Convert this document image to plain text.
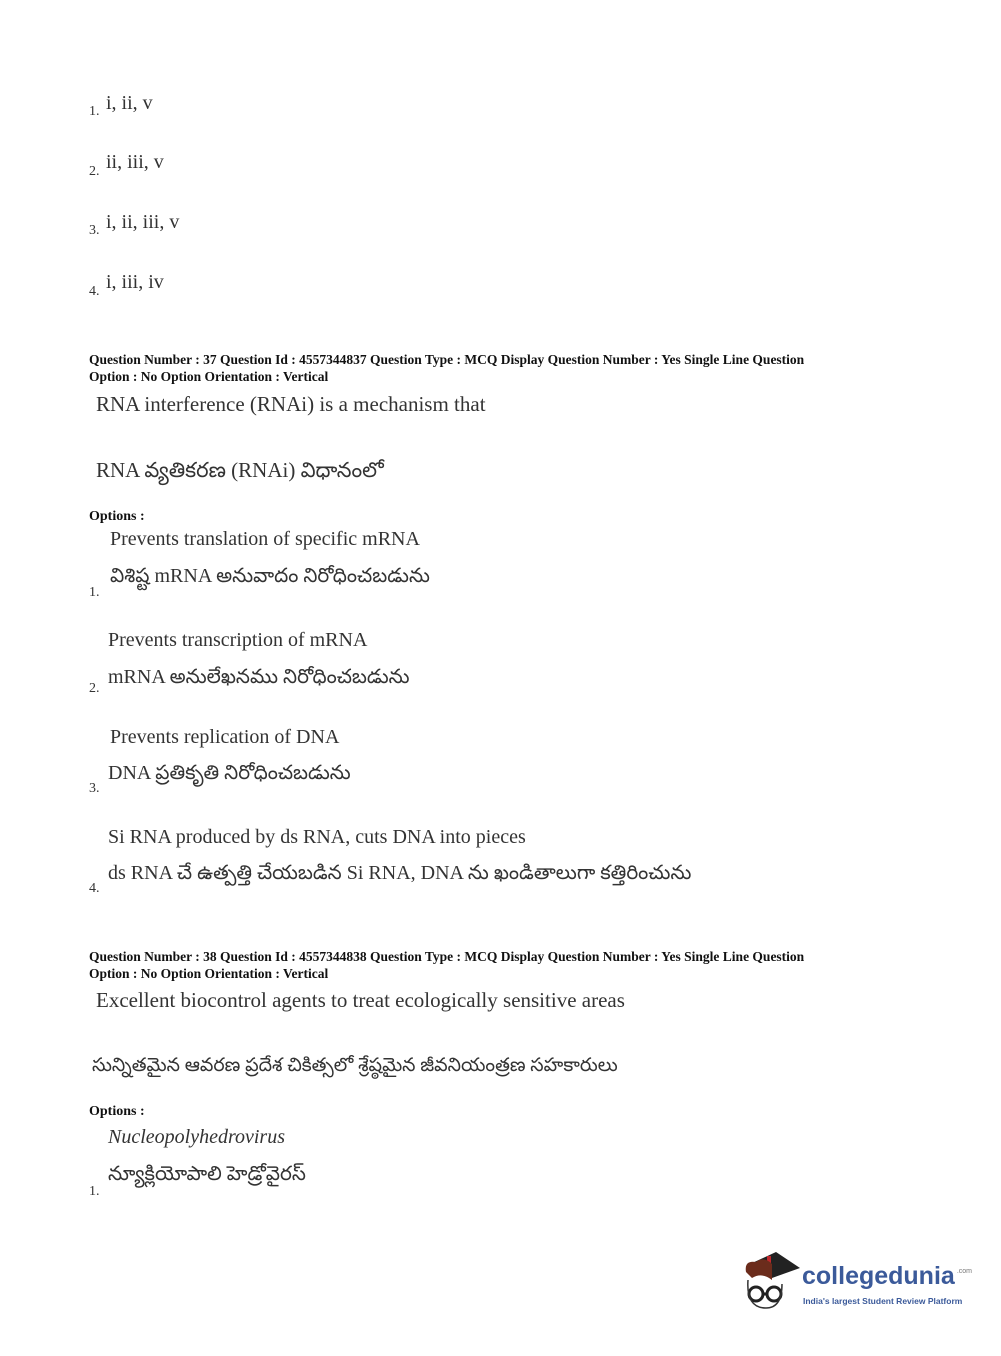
1. i, ii, v
2. ii, iii, v
3. i, ii, iii, v
4. i, iii, iv
Question Number : 37 Question Id : 4557344837 Question Type : MCQ Display Question Number : Yes Single Line Question
Option : No Option Orientation : Vertical
RNA interference (RNAi) is a mechanism that
RNA వ్యతికరణ (RNAi) విధానంలో
Options :
Prevents translation of specific mRNA
విశిష్ట mRNA అనువాదం నిరోధించబడును
1.
Prevents transcription of mRNA
mRNA అనులేఖనము నిరోధించబడును
2.
Prevents replication of DNA
DNA ప్రతికృతి నిరోధించబడును
3.
Si RNA produced by ds RNA, cuts DNA into pieces
ds RNA చే ఉత్పత్తి చేయబడిన Si RNA, DNA ను ఖండితాలుగా కత్తిరించును
4.
Question Number : 38 Question Id : 4557344838 Question Type : MCQ Display Question Number : Yes Single Line Question
Option : No Option Orientation : Vertical
Excellent biocontrol agents to treat ecologically sensitive areas
సున్నితమైన ఆవరణ ప్రదేశ చికిత్సలో శ్రేష్ఠమైన జీవనియంత్రణ సహకారులు
Options :
Nucleopolyhedrovirus
న్యూక్లియోపాలి హెడ్రోవైరస్
1.
collegedunia .com
India's largest Student Review Platform
